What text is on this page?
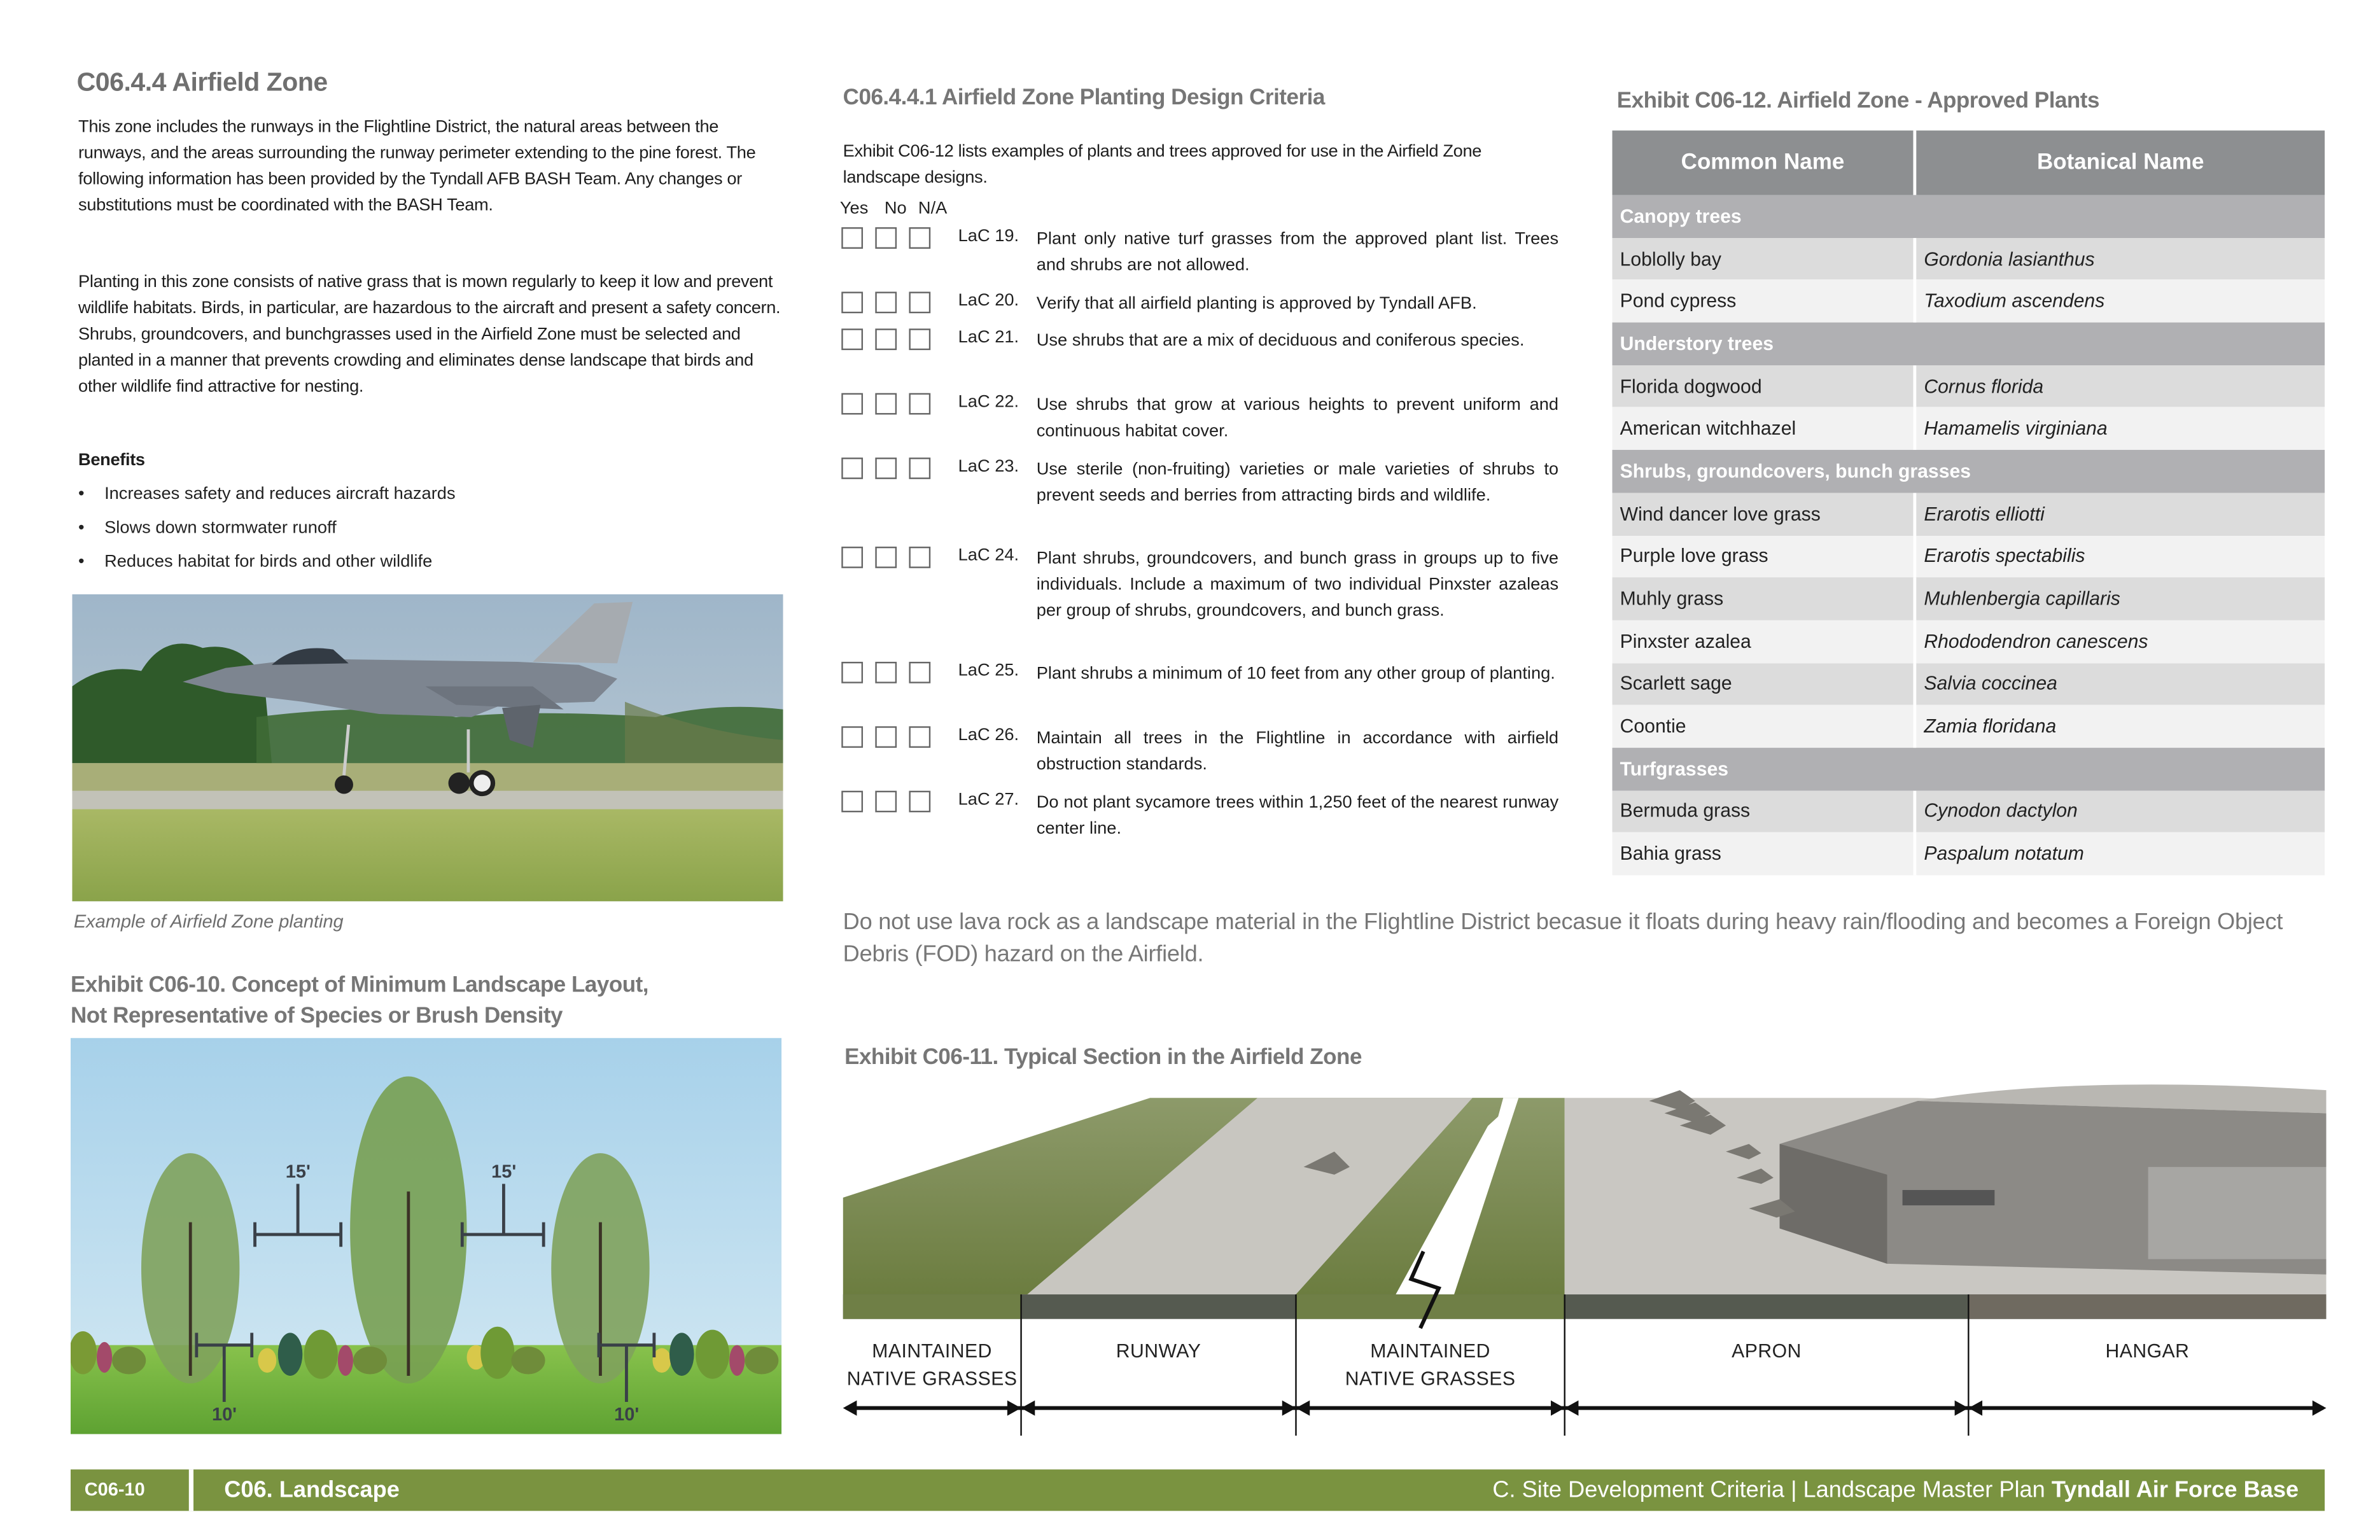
C06.4.4 Airfield Zone
This zone includes the runways in the Flightline District, the natural areas between the runways, and the areas surrounding the runway perimeter extending to the pine forest. The following information has been provided by the Tyndall AFB BASH Team. Any changes or substitutions must be coordinated with the BASH Team.
Planting in this zone consists of native grass that is mown regularly to keep it low and prevent wildlife habitats. Birds, in particular, are hazardous to the aircraft and present a safety concern. Shrubs, groundcovers, and bunchgrasses used in the Airfield Zone must be selected and planted in a manner that prevents crowding and eliminates dense landscape that birds and other wildlife find attractive for nesting.
Benefits
• Increases safety and reduces aircraft hazards
• Slows down stormwater runoff
• Reduces habitat for birds and other wildlife
Example of Airfield Zone planting
Exhibit C06-10. Concept of Minimum Landscape Layout,
Not Representative of Species or Brush Density
15'	15'
10'	10'
C06.4.4.1 Airfield Zone Planting Design Criteria
Exhibit C06-12 lists examples of plants and trees approved for use in the Airfield Zone landscape designs.
Yes No N/A
LaC 19. Plant only native turf grasses from the approved plant list. Trees and shrubs are not allowed.
LaC 20. Verify that all airfield planting is approved by Tyndall AFB.
LaC 21. Use shrubs that are a mix of deciduous and coniferous species.
LaC 22. Use shrubs that grow at various heights to prevent uniform and continuous habitat cover.
LaC 23. Use sterile (non-fruiting) varieties or male varieties of shrubs to prevent seeds and berries from attracting birds and wildlife.
LaC 24. Plant shrubs, groundcovers, and bunch grass in groups up to five individuals. Include a maximum of two individual Pinxster azaleas per group of shrubs, groundcovers, and bunch grass.
LaC 25. Plant shrubs a minimum of 10 feet from any other group of planting.
LaC 26. Maintain all trees in the Flightline in accordance with airfield obstruction standards.
LaC 27. Do not plant sycamore trees within 1,250 feet of the nearest runway center line.
Exhibit C06-12. Airfield Zone - Approved Plants
Common Name	Botanical Name
Canopy trees	
Loblolly bay	Gordonia lasianthus
Pond cypress	Taxodium ascendens
Understory trees	
Florida dogwood	Cornus florida
American witchhazel	Hamamelis virginiana
Shrubs, groundcovers, bunch grasses	
Wind dancer love grass	Erarotis elliotti
Purple love grass	Erarotis spectabilis
Muhly grass	Muhlenbergia capillaris
Pinxster azalea	Rhododendron canescens
Scarlett sage	Salvia coccinea
Coontie	Zamia floridana
Turfgrasses	
Bermuda grass	Cynodon dactylon
Bahia grass	Paspalum notatum
Do not use lava rock as a landscape material in the Flightline District becasue it floats during heavy rain/flooding and becomes a Foreign Object Debris (FOD) hazard on the Airfield.
Exhibit C06-11. Typical Section in the Airfield Zone
MAINTAINED
NATIVE GRASSES
RUNWAY	MAINTAINED
NATIVE GRASSES
APRON	HANGAR
C06-10	C06. Landscape	C. Site Development Criteria | Landscape Master Plan Tyndall Air Force Base
